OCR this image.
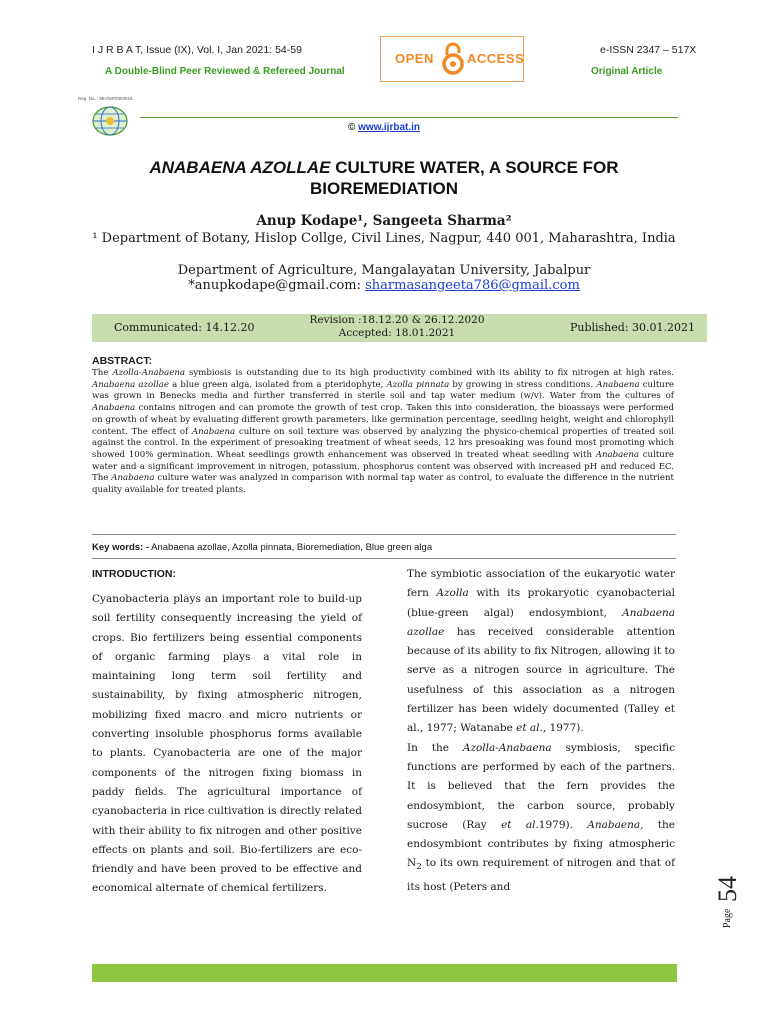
I J R B A T, Issue (IX), Vol. I, Jan 2021: 54-59
A Double-Blind Peer Reviewed & Refereed Journal
OPEN	ACCESS
e-ISSN 2347 – 517X
Original Article
Reg. No. : MH/ISP/000/516
© www.ijrbat.in
ANABAENA AZOLLAE CULTURE WATER, A SOURCE FOR
BIOREMEDIATION
Anup Kodape¹, Sangeeta Sharma²
¹ Department of Botany, Hislop Collge, Civil Lines, Nagpur, 440 001, Maharashtra, India
Department of Agriculture, Mangalayatan University, Jabalpur
*anupkodape@gmail.com: sharmasangeeta786@gmail.com
Communicated: 14.12.20
Revision :18.12.20 & 26.12.2020
Accepted: 18.01.2021	Published: 30.01.2021
ABSTRACT:
The Azolla-Anabaena symbiosis is outstanding due to its high productivity combined with its ability to fix nitrogen at high rates. Anabaena azollae a blue green alga, isolated from a pteridophyte, Azolla pinnata by growing in stress conditions. Anabaena culture was grown in Benecks media and further transferred in sterile soil and tap water medium (w/v). Water from the cultures of Anabaena contains nitrogen and can promote the growth of test crop. Taken this into consideration, the bioassays were performed on growth of wheat by evaluating different growth parameters, like germination percentage, seedling height, weight and chlorophyll content. The effect of Anabaena culture on soil texture was observed by analyzing the physico-chemical properties of treated soil against the control. In the experiment of presoaking treatment of wheat seeds, 12 hrs presoaking was found most promoting which showed 100% germination. Wheat seedlings growth enhancement was observed in treated wheat seedling with Anabaena culture water and a significant improvement in nitrogen, potassium, phosphorus content was observed with increased pH and reduced EC. The Anabaena culture water was analyzed in comparison with normal tap water as control, to evaluate the difference in the nutrient quality available for treated plants.
Key words: - Anabaena azollae, Azolla pinnata, Bioremediation, Blue green alga
INTRODUCTION:

Cyanobacteria plays an important role to build-up soil fertility consequently increasing the yield of crops. Bio fertilizers being essential components of organic farming plays a vital role in maintaining long term soil fertility and sustainability, by fixing atmospheric nitrogen, mobilizing fixed macro and micro nutrients or converting insoluble phosphorus forms available to plants. Cyanobacteria are one of the major components of the nitrogen fixing biomass in paddy fields. The agricultural importance of cyanobacteria in rice cultivation is directly related with their ability to fix nitrogen and other positive effects on plants and soil. Bio-fertilizers are eco-friendly and have been proved to be effective and economical alternate of chemical fertilizers.

The symbiotic association of the eukaryotic water fern Azolla with its prokaryotic cyanobacterial (blue-green algal) endosymbiont, Anabaena azollae has received considerable attention because of its ability to fix Nitrogen, allowing it to serve as a nitrogen source in agriculture. The usefulness of this association as a nitrogen fertilizer has been widely documented (Talley et al., 1977; Watanabe et al., 1977).

In the Azolla-Anabaena symbiosis, specific functions are performed by each of the partners. It is believed that the fern provides the endosymbiont, the carbon source, probably sucrose (Ray et al.1979). Anabaena, the endosymbiont contributes by fixing atmospheric $N_2$ to its own requirement of nitrogen and that of its host (Peters and

Page
54
